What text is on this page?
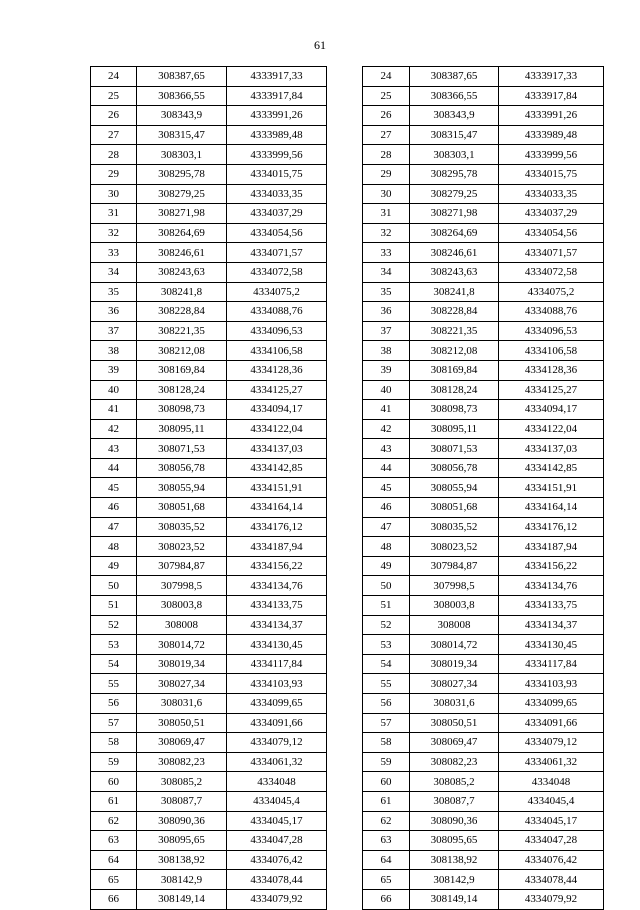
61
24	308387,65	4333917,33
25	308366,55	4333917,84
26	308343,9	4333991,26
27	308315,47	4333989,48
28	308303,1	4333999,56
29	308295,78	4334015,75
30	308279,25	4334033,35
31	308271,98	4334037,29
32	308264,69	4334054,56
33	308246,61	4334071,57
34	308243,63	4334072,58
35	308241,8	4334075,2
36	308228,84	4334088,76
37	308221,35	4334096,53
38	308212,08	4334106,58
39	308169,84	4334128,36
40	308128,24	4334125,27
41	308098,73	4334094,17
42	308095,11	4334122,04
43	308071,53	4334137,03
44	308056,78	4334142,85
45	308055,94	4334151,91
46	308051,68	4334164,14
47	308035,52	4334176,12
48	308023,52	4334187,94
49	307984,87	4334156,22
50	307998,5	4334134,76
51	308003,8	4334133,75
52	308008	4334134,37
53	308014,72	4334130,45
54	308019,34	4334117,84
55	308027,34	4334103,93
56	308031,6	4334099,65
57	308050,51	4334091,66
58	308069,47	4334079,12
59	308082,23	4334061,32
60	308085,2	4334048
61	308087,7	4334045,4
62	308090,36	4334045,17
63	308095,65	4334047,28
64	308138,92	4334076,42
65	308142,9	4334078,44
66	308149,14	4334079,92
24	308387,65	4333917,33
25	308366,55	4333917,84
26	308343,9	4333991,26
27	308315,47	4333989,48
28	308303,1	4333999,56
29	308295,78	4334015,75
30	308279,25	4334033,35
31	308271,98	4334037,29
32	308264,69	4334054,56
33	308246,61	4334071,57
34	308243,63	4334072,58
35	308241,8	4334075,2
36	308228,84	4334088,76
37	308221,35	4334096,53
38	308212,08	4334106,58
39	308169,84	4334128,36
40	308128,24	4334125,27
41	308098,73	4334094,17
42	308095,11	4334122,04
43	308071,53	4334137,03
44	308056,78	4334142,85
45	308055,94	4334151,91
46	308051,68	4334164,14
47	308035,52	4334176,12
48	308023,52	4334187,94
49	307984,87	4334156,22
50	307998,5	4334134,76
51	308003,8	4334133,75
52	308008	4334134,37
53	308014,72	4334130,45
54	308019,34	4334117,84
55	308027,34	4334103,93
56	308031,6	4334099,65
57	308050,51	4334091,66
58	308069,47	4334079,12
59	308082,23	4334061,32
60	308085,2	4334048
61	308087,7	4334045,4
62	308090,36	4334045,17
63	308095,65	4334047,28
64	308138,92	4334076,42
65	308142,9	4334078,44
66	308149,14	4334079,92
